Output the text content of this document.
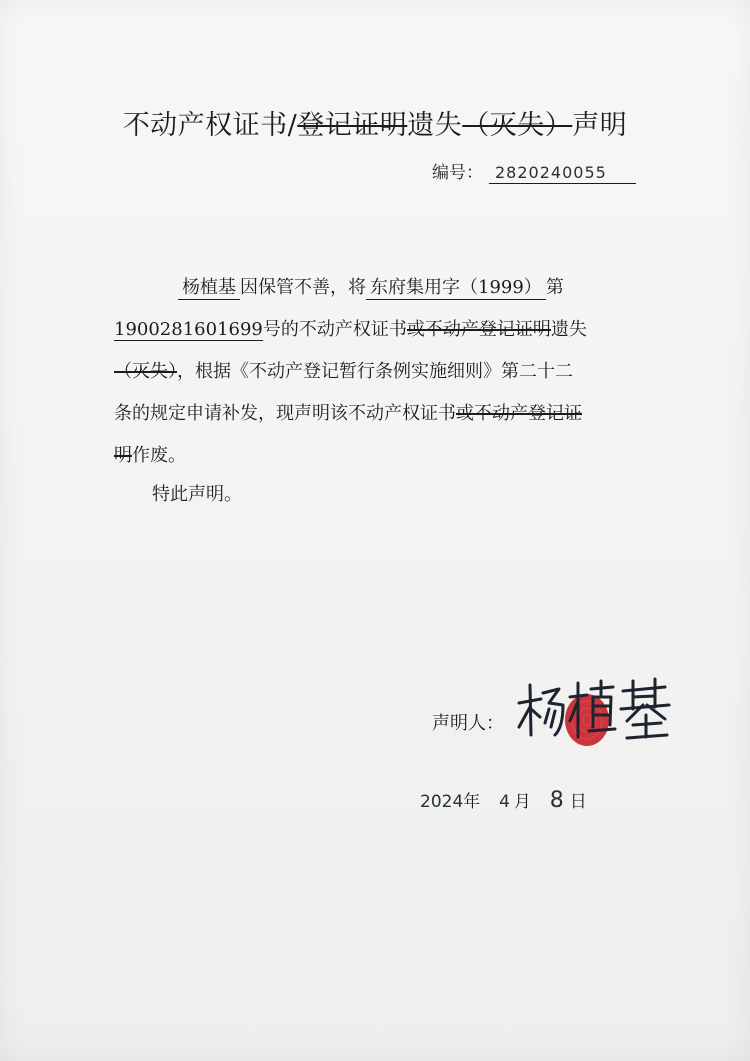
不动产权证书/登记证明遗失（灭失）声明
编号： 2820240055
杨植基 因保管不善，将 东府集用字（1999） 第
1900281601699号的不动产权证书或不动产登记证明遗失
（灭失），根据《不动产登记暂行条例实施细则》第二十二
条的规定申请补发，现声明该不动产权证书或不动产登记证
明作废。
特此声明。
声明人：
2024年 4 月 8 日
